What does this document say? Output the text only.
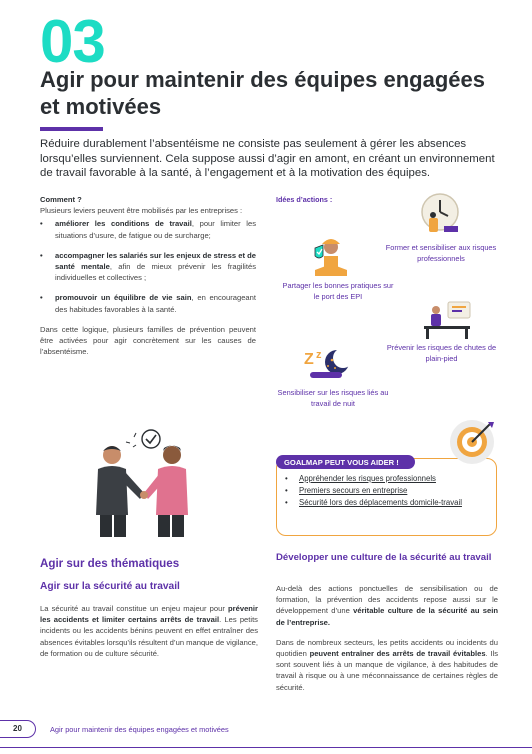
03
Agir pour maintenir des équipes engagées et motivées
Réduire durablement l’absentéisme ne consiste pas seulement à gérer les absences lorsqu’elles surviennent. Cela suppose aussi d’agir en amont, en créant un environnement de travail favorable à la santé, à l’engagement et à la motivation des équipes.
Comment ?
Plusieurs leviers peuvent être mobilisés par les entreprises :
• améliorer les conditions de travail, pour limiter les situations d’usure, de fatigue ou de surcharge;
• accompagner les salariés sur les enjeux de stress et de santé mentale, afin de mieux prévenir les fragilités individuelles et collectives ;
• promouvoir un équilibre de vie sain, en encourageant des habitudes favorables à la santé.
Dans cette logique, plusieurs familles de prévention peuvent être activées pour agir concrètement sur les causes de l’absentéisme.
Idées d’actions :
Former et sensibiliser aux risques professionnels
Partager les bonnes pratiques sur le port des EPI
Prévenir les risques de chutes de plain-pied
Z z
Sensibiliser sur les risques liés au travail de nuit
GOALMAP PEUT VOUS AIDER !
• Appréhender les risques professionnels
• Premiers secours en entreprise
• Sécurité lors des déplacements domicile-travail
Agir sur des thématiques
Agir sur la sécurité au travail
La sécurité au travail constitue un enjeu majeur pour prévenir les accidents et limiter certains arrêts de travail. Les petits incidents ou les accidents bénins peuvent en effet entraîner des absences évitables lorsqu’ils résultent d’un manque de vigilance, de formation ou de culture sécurité.
Développer une culture de la sécurité au travail

Au-delà des actions ponctuelles de sensibilisation ou de formation, la prévention des accidents repose aussi sur le développement d’une véritable culture de la sécurité au sein de l’entreprise.

Dans de nombreux secteurs, les petits accidents ou incidents du quotidien peuvent entraîner des arrêts de travail évitables. Ils sont souvent liés à un manque de vigilance, à des habitudes de travail à risque ou à une méconnaissance de certaines règles de sécurité.

20	Agir pour maintenir des équipes engagées et motivées
